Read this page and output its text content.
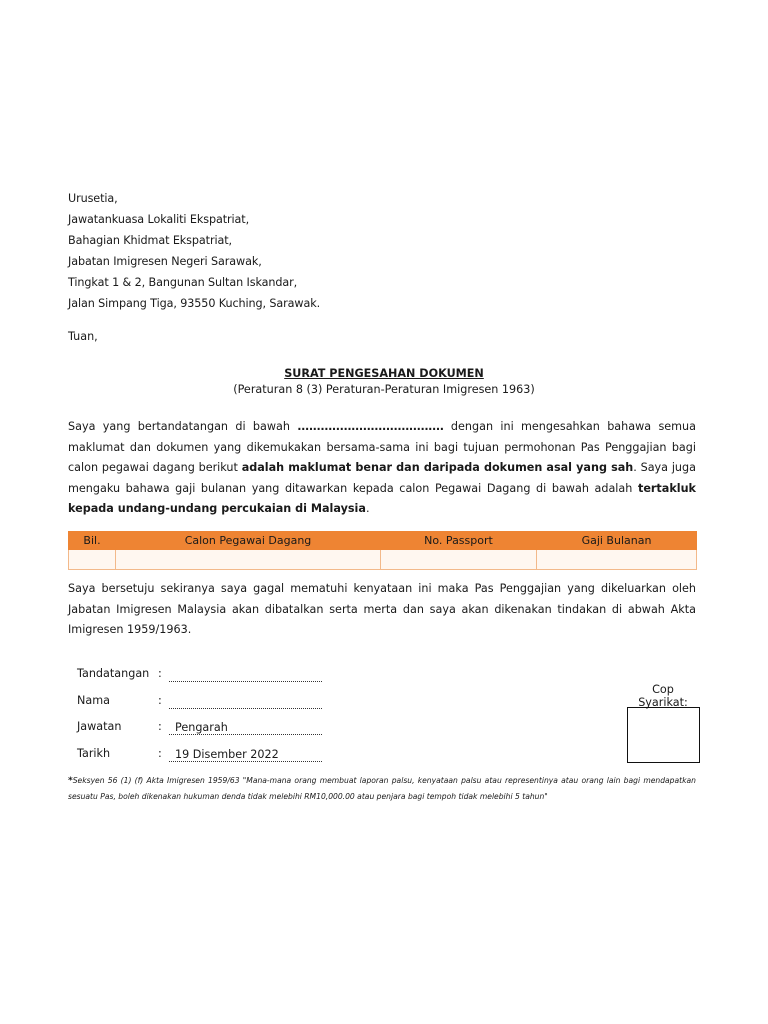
Urusetia,
Jawatankuasa Lokaliti Ekspatriat,
Bahagian Khidmat Ekspatriat,
Jabatan Imigresen Negeri Sarawak,
Tingkat 1 & 2, Bangunan Sultan Iskandar,
Jalan Simpang Tiga, 93550 Kuching, Sarawak.
Tuan,
SURAT PENGESAHAN DOKUMEN
(Peraturan 8 (3) Peraturan-Peraturan Imigresen 1963)
Saya yang bertandatangan di bawah ...................................... dengan ini mengesahkan bahawa semua maklumat dan dokumen yang dikemukakan bersama-sama ini bagi tujuan permohonan Pas Penggajian bagi calon pegawai dagang berikut adalah maklumat benar dan daripada dokumen asal yang sah. Saya juga mengaku bahawa gaji bulanan yang ditawarkan kepada calon Pegawai Dagang di bawah adalah tertakluk kepada undang-undang percukaian di Malaysia.
Bil.	Calon Pegawai Dagang	No. Passport	Gaji Bulanan

Saya bersetuju sekiranya saya gagal mematuhi kenyataan ini maka Pas Penggajian yang dikeluarkan oleh Jabatan Imigresen Malaysia akan dibatalkan serta merta dan saya akan dikenakan tindakan di abwah Akta Imigresen 1959/1963.
Tandatangan :
Nama	:
Jawatan	: Pengarah
Tarikh	: 19 Disember 2022
Cop
Syarikat:
*Seksyen 56 (1) (f) Akta Imigresen 1959/63 "Mana-mana orang membuat laporan palsu, kenyataan palsu atau representinya atau orang lain bagi mendapatkan sesuatu Pas, boleh dikenakan hukuman denda tidak melebihi RM10,000.00 atau penjara bagi tempoh tidak melebihi 5 tahun"
